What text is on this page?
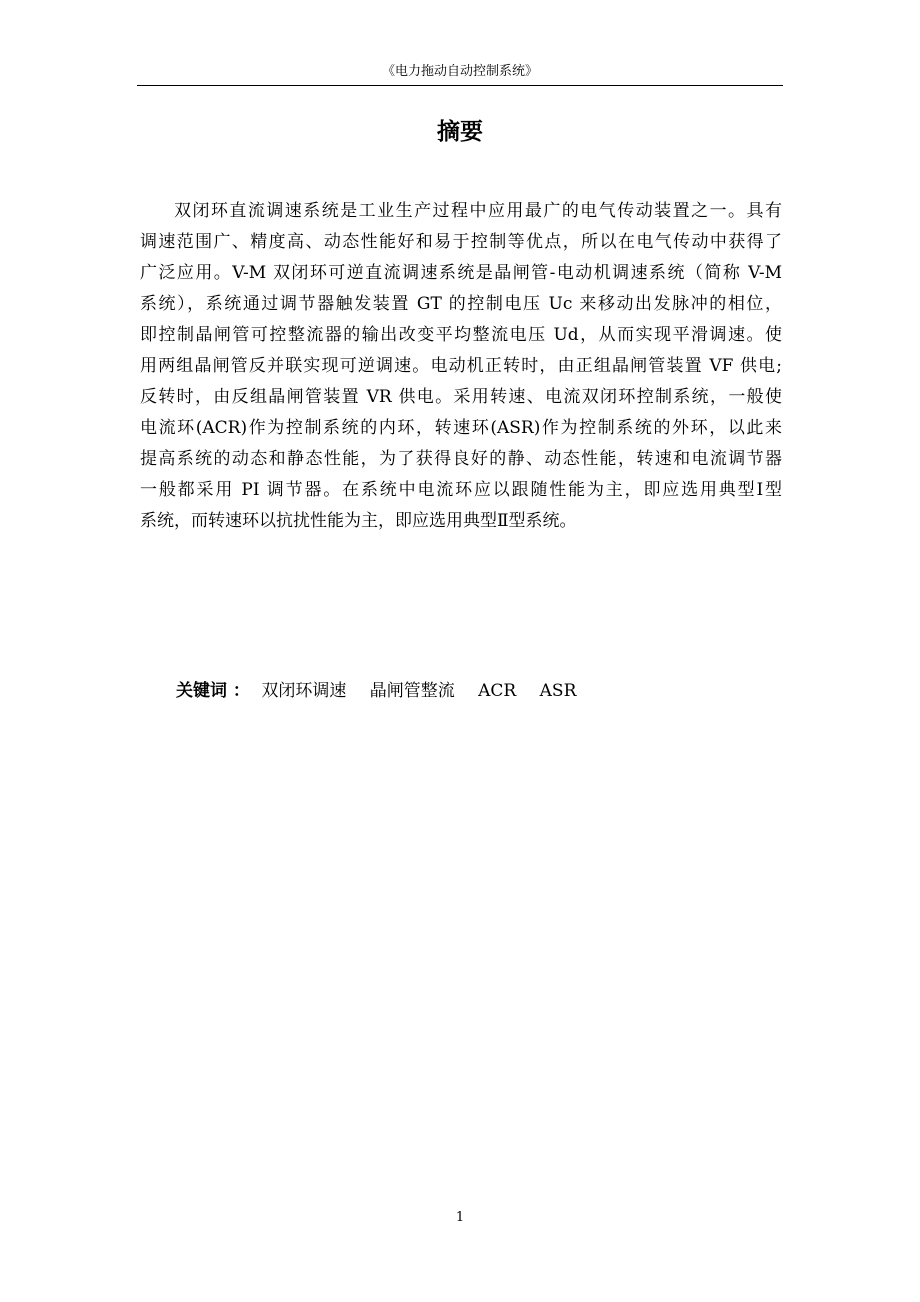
《电力拖动自动控制系统》
摘要
双闭环直流调速系统是工业生产过程中应用最广的电气传动装置之一。具有
调速范围广、精度高、动态性能好和易于控制等优点，所以在电气传动中获得了
广泛应用。V-M 双闭环可逆直流调速系统是晶闸管-电动机调速系统（简称 V-M
系统），系统通过调节器触发装置 GT 的控制电压 Uc 来移动出发脉冲的相位，
即控制晶闸管可控整流器的输出改变平均整流电压 Ud，从而实现平滑调速。使
用两组晶闸管反并联实现可逆调速。电动机正转时，由正组晶闸管装置 VF 供电;
反转时，由反组晶闸管装置 VR 供电。采用转速、电流双闭环控制系统，一般使
电流环(ACR)作为控制系统的内环，转速环(ASR)作为控制系统的外环，以此来
提高系统的动态和静态性能，为了获得良好的静、动态性能，转速和电流调节器
一般都采用 PI 调节器。在系统中电流环应以跟随性能为主，即应选用典型Ⅰ型
系统，而转速环以抗扰性能为主，即应选用典型Ⅱ型系统。
关键词 ： 双闭环调速 晶闸管整流 ACR ASR
1
